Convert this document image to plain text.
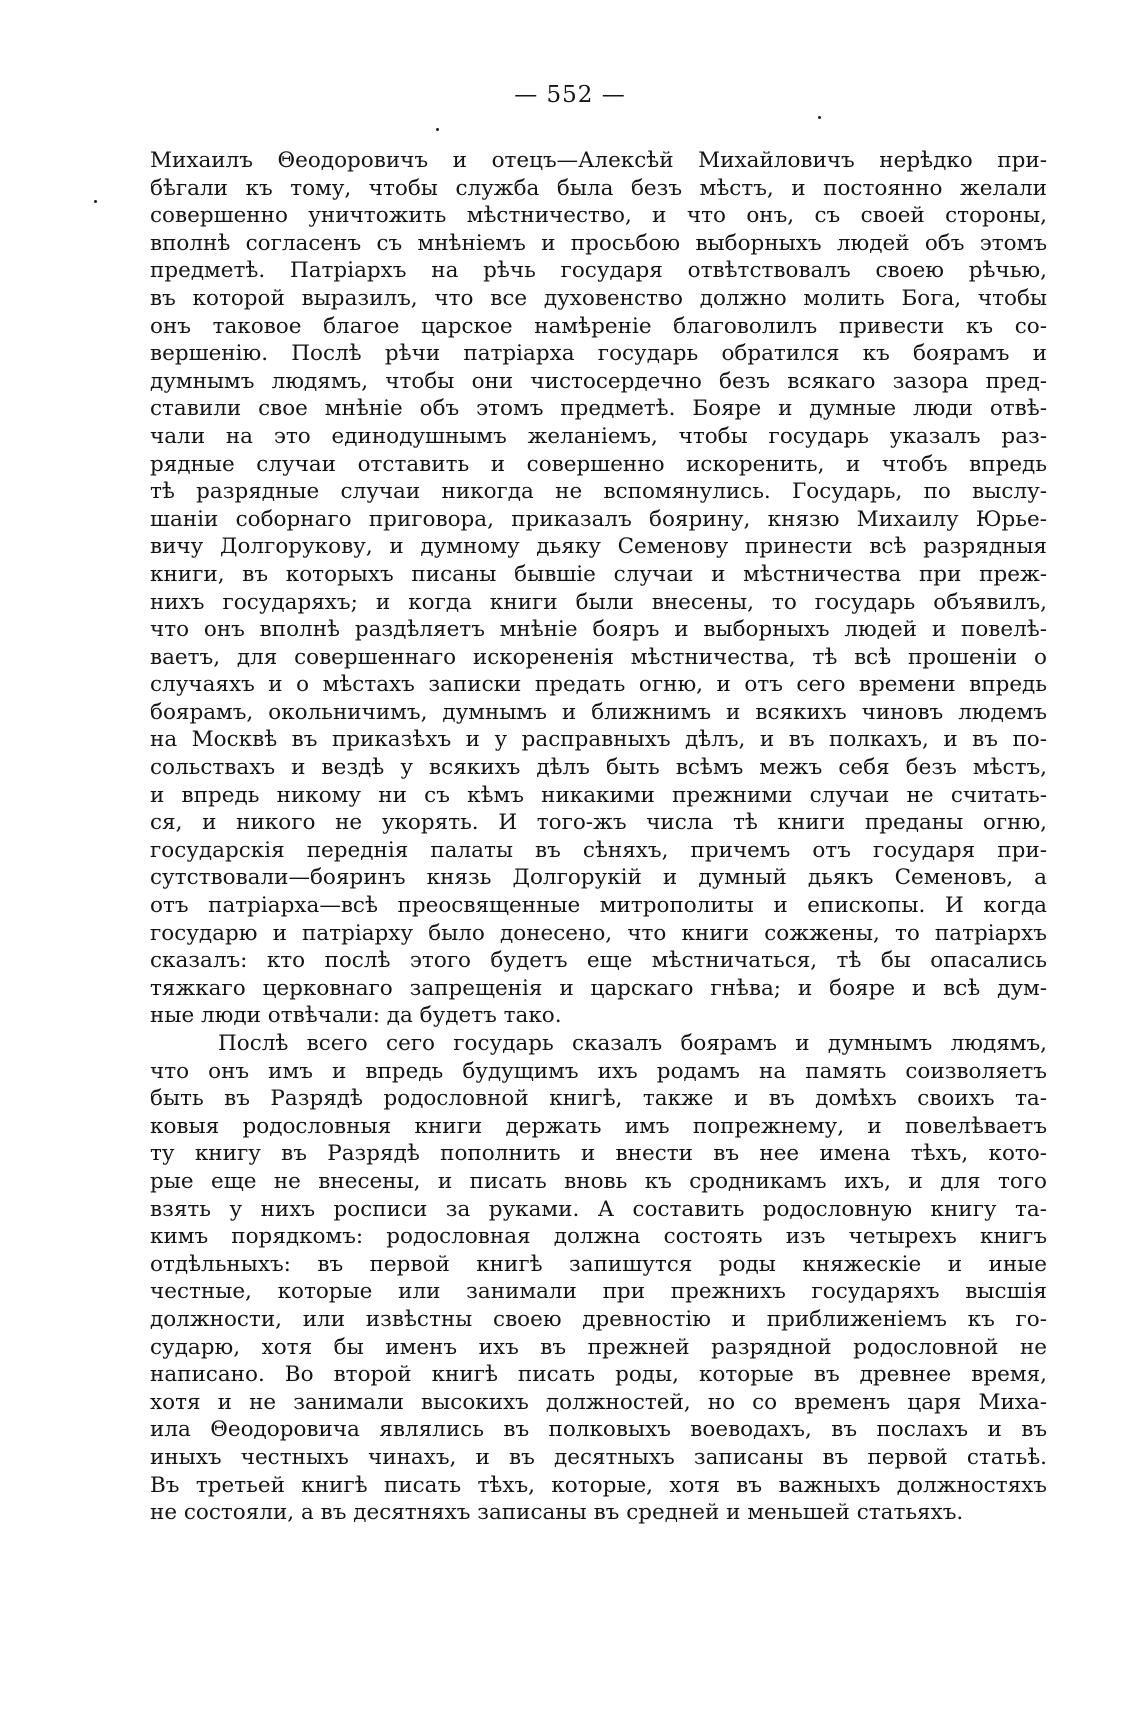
— 552 —

Михаилъ Θеодоровичъ и отецъ—Алексѣй Михайловичъ нерѣдко при-
бѣгали къ тому, чтобы служба была безъ мѣстъ, и постоянно желали
совершенно уничтожить мѣстничество, и что онъ, съ своей стороны,
вполнѣ согласенъ съ мнѣніемъ и просьбою выборныхъ людей объ этомъ
предметѣ. Патріархъ на рѣчь государя отвѣтствовалъ своею рѣчью,
въ которой выразилъ, что все духовенство должно молить Бога, чтобы
онъ таковое благое царское намѣреніе благоволилъ привести къ со-
вершенію. Послѣ рѣчи патріарха государь обратился къ боярамъ и
думнымъ людямъ, чтобы они чистосердечно безъ всякаго зазора пред-
ставили свое мнѣніе объ этомъ предметѣ. Бояре и думные люди отвѣ-
чали на это единодушнымъ желаніемъ, чтобы государь указалъ раз-
рядные случаи отставить и совершенно искоренить, и чтобъ впредь
тѣ разрядные случаи никогда не вспомянулись. Государь, по выслу-
шаніи соборнаго приговора, приказалъ боярину, князю Михаилу Юрье-
вичу Долгорукову, и думному дьяку Семенову принести всѣ разрядныя
книги, въ которыхъ писаны бывшіе случаи и мѣстничества при преж-
нихъ государяхъ; и когда книги были внесены, то государь объявилъ,
что онъ вполнѣ раздѣляетъ мнѣніе бояръ и выборныхъ людей и повелѣ-
ваетъ, для совершеннаго искорененія мѣстничества, тѣ всѣ прошеніи о
случаяхъ и о мѣстахъ записки предать огню, и отъ сего времени впредь
боярамъ, окольничимъ, думнымъ и ближнимъ и всякихъ чиновъ людемъ
на Москвѣ въ приказѣхъ и у расправныхъ дѣлъ, и въ полкахъ, и въ по-
сольствахъ и вездѣ у всякихъ дѣлъ быть всѣмъ межъ себя безъ мѣстъ,
и впредь никому ни съ кѣмъ никакими прежними случаи не считать-
ся, и никого не укорять. И того-жъ числа тѣ книги преданы огню,
государскія переднія палаты въ сѣняхъ, причемъ отъ государя при-
сутствовали—бояринъ князь Долгорукій и думный дьякъ Семеновъ, а
отъ патріарха—всѣ преосвященные митрополиты и епископы. И когда
государю и патріарху было донесено, что книги сожжены, то патріархъ
сказалъ: кто послѣ этого будетъ еще мѣстничаться, тѣ бы опасались
тяжкаго церковнаго запрещенія и царскаго гнѣва; и бояре и всѣ дум-
ные люди отвѣчали: да будетъ тако.

Послѣ всего сего государь сказалъ боярамъ и думнымъ людямъ,
что онъ имъ и впредь будущимъ ихъ родамъ на память соизволяетъ
быть въ Разрядѣ родословной книгѣ, также и въ домѣхъ своихъ та-
ковыя родословныя книги держать имъ попрежнему, и повелѣваетъ
ту книгу въ Разрядѣ пополнить и внести въ нее имена тѣхъ, кото-
рые еще не внесены, и писать вновь къ сродникамъ ихъ, и для того
взять у нихъ росписи за руками. А составить родословную книгу та-
кимъ порядкомъ: родословная должна состоять изъ четырехъ книгъ
отдѣльныхъ: въ первой книгѣ запишутся роды княжескіе и иные
честные, которые или занимали при прежнихъ государяхъ высшія
должности, или извѣстны своею древностію и приближеніемъ къ го-
сударю, хотя бы именъ ихъ въ прежней разрядной родословной не
написано. Во второй книгѣ писать роды, которые въ древнее время,
хотя и не занимали высокихъ должностей, но со временъ царя Миха-
ила Θеодоровича являлись въ полковыхъ воеводахъ, въ послахъ и въ
иныхъ честныхъ чинахъ, и въ десятныхъ записаны въ первой статьѣ.
Въ третьей книгѣ писать тѣхъ, которые, хотя въ важныхъ должностяхъ
не состояли, а въ десятняхъ записаны въ средней и меньшей статьяхъ.
